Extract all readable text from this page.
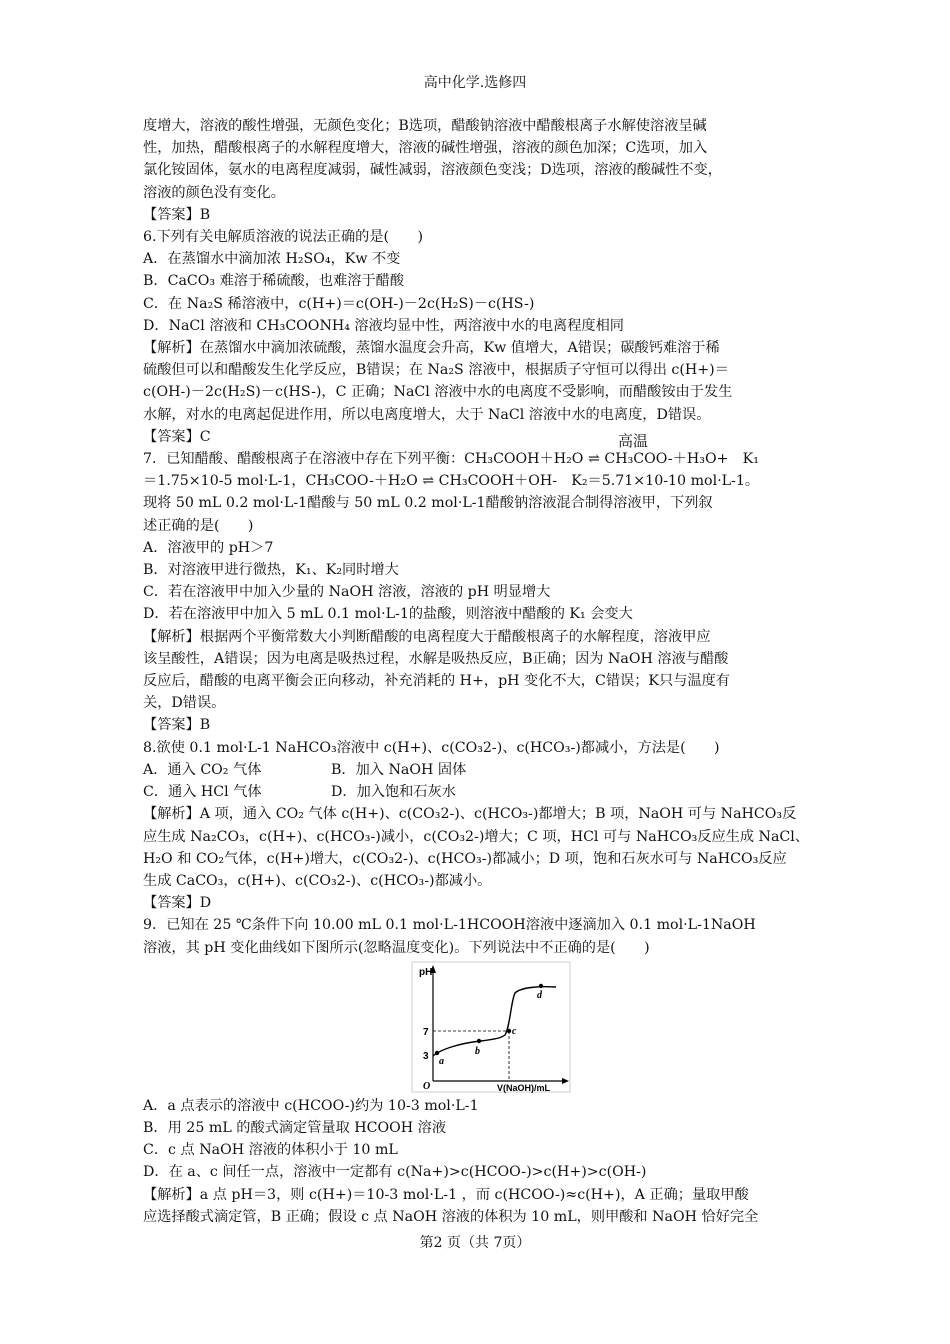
高中化学.选修四

度增大，溶液的酸性增强，无颜色变化；B选项，醋酸钠溶液中醋酸根离子水解使溶液呈碱

性，加热，醋酸根离子的水解程度增大，溶液的碱性增强，溶液的颜色加深；C选项，加入

氯化铵固体，氨水的电离程度减弱，碱性减弱，溶液颜色变浅；D选项，溶液的酸碱性不变，

溶液的颜色没有变化。

【答案】B

6.下列有关电解质溶液的说法正确的是(　　)

A．在蒸馏水中滴加浓 H₂SO₄，Kw 不变

B．CaCO₃ 难溶于稀硫酸，也难溶于醋酸

C．在 Na₂S 稀溶液中，c(H+)＝c(OH-)－2c(H₂S)－c(HS-)

D．NaCl 溶液和 CH₃COONH₄ 溶液均显中性，两溶液中水的电离程度相同

【解析】在蒸馏水中滴加浓硫酸，蒸馏水温度会升高，Kw 值增大，A错误；碳酸钙难溶于稀

硫酸但可以和醋酸发生化学反应，B错误；在 Na₂S 溶液中，根据质子守恒可以得出 c(H+)＝

c(OH-)－2c(H₂S)－c(HS-)，C 正确；NaCl 溶液中水的电离度不受影响，而醋酸铵由于发生

水解，对水的电离起促进作用，所以电离度增大，大于 NaCl 溶液中水的电离度，D错误。

【答案】C

7．已知醋酸、醋酸根离子在溶液中存在下列平衡：CH₃COOH＋H₂O ⇌ CH₃COO-＋H₃O+　K₁
高温

＝1.75×10-5 mol·L-1，CH₃COO-＋H₂O ⇌ CH₃COOH＋OH-　K₂＝5.71×10-10 mol·L-1。

现将 50 mL 0.2 mol·L-1醋酸与 50 mL 0.2 mol·L-1醋酸钠溶液混合制得溶液甲，下列叙

述正确的是(　　)

A．溶液甲的 pH＞7

B．对溶液甲进行微热，K₁、K₂同时增大

C．若在溶液甲中加入少量的 NaOH 溶液，溶液的 pH 明显增大

D．若在溶液甲中加入 5 mL 0.1 mol·L-1的盐酸，则溶液中醋酸的 K₁ 会变大

【解析】根据两个平衡常数大小判断醋酸的电离程度大于醋酸根离子的水解程度，溶液甲应

该呈酸性，A错误；因为电离是吸热过程，水解是吸热反应，B正确；因为 NaOH 溶液与醋酸

反应后，醋酸的电离平衡会正向移动，补充消耗的 H+，pH 变化不大，C错误；K只与温度有

关，D错误。

【答案】B

8.欲使 0.1 mol·L-1 NaHCO₃溶液中 c(H+)、c(CO₃2-)、c(HCO₃-)都减小，方法是(　　)

A．通入 CO₂ 气体	B．加入 NaOH 固体

C．通入 HCl 气体	D．加入饱和石灰水

【解析】A 项，通入 CO₂ 气体 c(H+)、c(CO₃2-)、c(HCO₃-)都增大；B 项，NaOH 可与 NaHCO₃反

应生成 Na₂CO₃，c(H+)、c(HCO₃-)减小，c(CO₃2-)增大；C 项，HCl 可与 NaHCO₃反应生成 NaCl、

H₂O 和 CO₂气体，c(H+)增大，c(CO₃2-)、c(HCO₃-)都减小；D 项，饱和石灰水可与 NaHCO₃反应

生成 CaCO₃，c(H+)、c(CO₃2-)、c(HCO₃-)都减小。

【答案】D

9．已知在 25 ℃条件下向 10.00 mL 0.1 mol·L-1HCOOH溶液中逐滴加入 0.1 mol·L-1NaOH

溶液，其 pH 变化曲线如下图所示(忽略温度变化)。下列说法中不正确的是(　　)

pH
7
3
O
a
b
c
d
V(NaOH)/mL

A．a 点表示的溶液中 c(HCOO-)约为 10-3 mol·L-1

B．用 25 mL 的酸式滴定管量取 HCOOH 溶液

C．c 点 NaOH 溶液的体积小于 10 mL

D．在 a、c 间任一点，溶液中一定都有 c(Na+)>c(HCOO-)>c(H+)>c(OH-)

【解析】a 点 pH＝3，则 c(H+)＝10-3 mol·L-1 ，而 c(HCOO-)≈c(H+)，A 正确；量取甲酸

应选择酸式滴定管，B 正确；假设 c 点 NaOH 溶液的体积为 10 mL，则甲酸和 NaOH 恰好完全

第2 页（共 7页）
